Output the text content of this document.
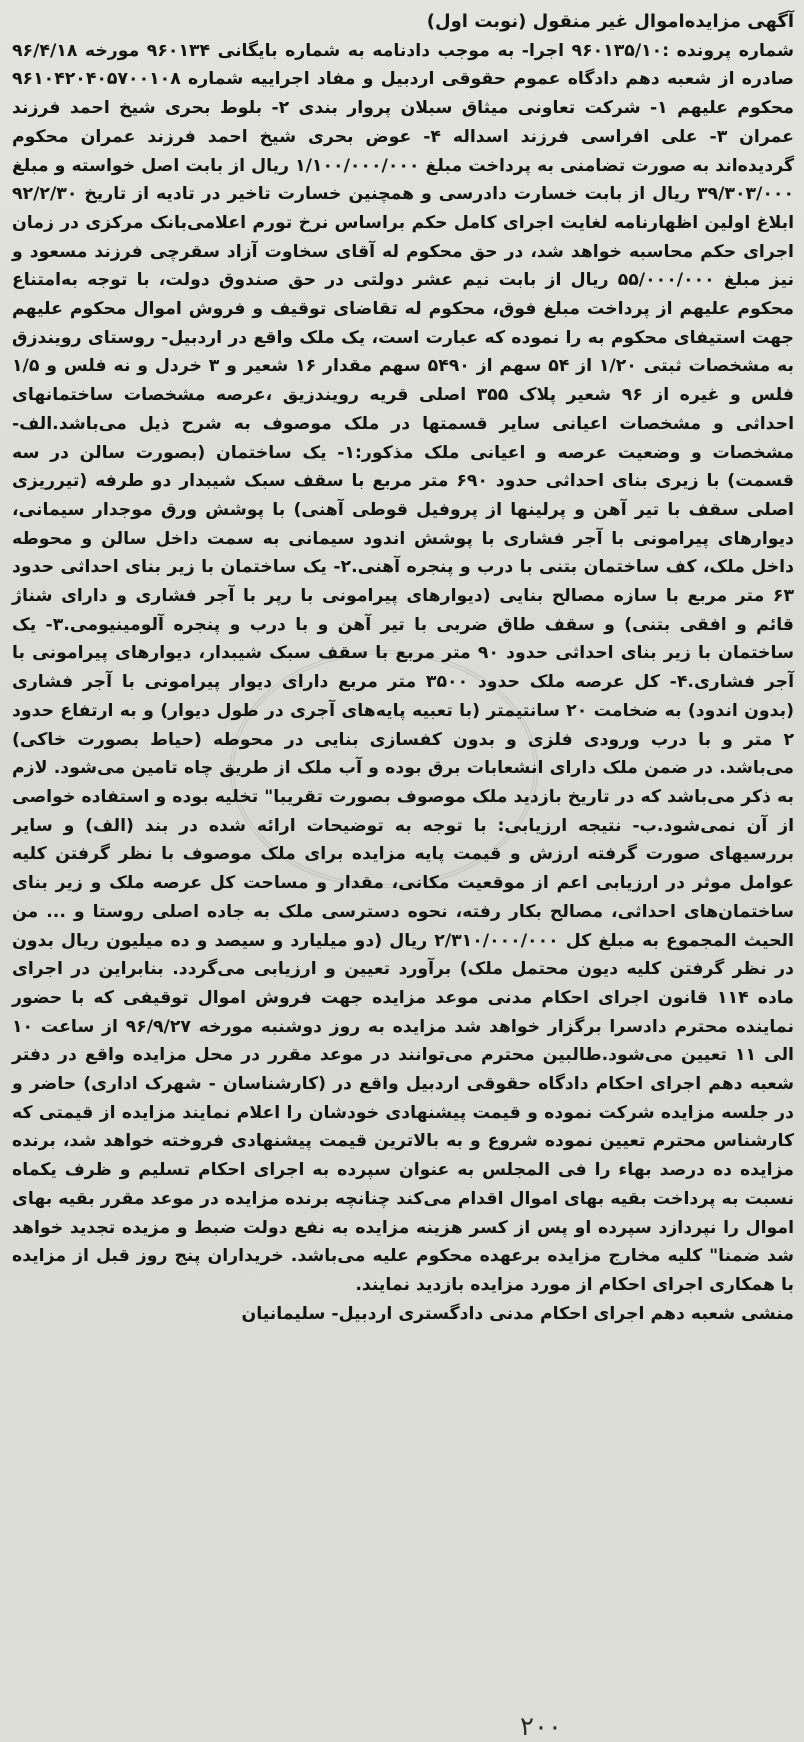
آگهی مزایده‌اموال غیر منقول (نوبت اول)

شماره پرونده :۹۶۰۱۳۵/۱۰ اجرا- به موجب دادنامه به شماره بایگانی ۹۶۰۱۳۴ مورخه ۹۶/۴/۱۸ صادره از شعبه دهم دادگاه عموم حقوقی اردبیل و مفاد اجراییه شماره ۹۶۱۰۴۲۰۴۰۵۷۰۰۱۰۸ محکوم علیهم ۱- شرکت تعاونی میثاق سبلان پروار بندی ۲- بلوط بحری شیخ احمد فرزند عمران ۳- علی افراسی فرزند اسداله ۴- عوض بحری شیخ احمد فرزند عمران محکوم گردیده‌اند به صورت تضامنی به پرداخت مبلغ ۱/۱۰۰/۰۰۰/۰۰۰ ریال از بابت اصل خواسته و مبلغ ۳۹/۳۰۳/۰۰۰ ریال از بابت خسارت دادرسی و همچنین خسارت تاخیر در تادیه از تاریخ ۹۲/۲/۳۰ ابلاغ اولین اظهارنامه لغایت اجرای کامل حکم براساس نرخ تورم اعلامی‌بانک مرکزی در زمان اجرای حکم محاسبه خواهد شد، در حق محکوم له آقای سخاوت آزاد سقرچی فرزند مسعود و نیز مبلغ ۵۵/۰۰۰/۰۰۰ ریال از بابت نیم عشر دولتی در حق صندوق دولت، با توجه به‌امتناع محکوم علیهم از پرداخت مبلغ فوق، محکوم له تقاضای توقیف و فروش اموال محکوم علیهم جهت استیفای محکوم به را نموده که عبارت است، یک ملک واقع در اردبیل- روستای رویندزق به مشخصات ثبتی ۱/۲۰ از ۵۴ سهم از ۵۴۹۰ سهم مقدار ۱۶ شعیر و ۳ خردل و نه فلس و ۱/۵ فلس و غیره از ۹۶ شعیر پلاک ۳۵۵ اصلی قریه رویندزیق ،عرصه مشخصات ساختمانهای احداثی و مشخصات اعیانی سایر قسمتها در ملک موصوف به شرح ذیل می‌باشد.الف- مشخصات و وضعیت عرصه و اعیانی ملک مذکور:۱- یک ساختمان (بصورت سالن در سه قسمت) با زیری بنای احداثی حدود ۶۹۰ متر مربع با سقف سبک شیبدار دو طرفه (تیرریزی اصلی سقف با تیر آهن و پرلینها از پروفیل قوطی آهنی) با پوشش ورق موجدار سیمانی، دیوارهای پیرامونی با آجر فشاری با پوشش اندود سیمانی به سمت داخل سالن و محوطه داخل ملک، کف ساختمان بتنی با درب و پنجره آهنی.۲- یک ساختمان با زیر بنای احداثی حدود ۶۳ متر مربع با سازه مصالح بنایی (دیوارهای پیرامونی با رپر با آجر فشاری و دارای شناژ قائم و افقی بتنی) و سقف طاق ضربی با تیر آهن و با درب و پنجره آلومینیومی.۳- یک ساختمان با زیر بنای احداثی حدود ۹۰ متر مربع با سقف سبک شیبدار، دیوارهای پیرامونی با آجر فشاری.۴- کل عرصه ملک حدود ۳۵۰۰ متر مربع دارای دیوار پیرامونی با آجر فشاری (بدون اندود) به ضخامت ۲۰ سانتیمتر (با تعبیه پایه‌های آجری در طول دیوار) و به ارتفاع حدود ۲ متر و با درب ورودی فلزی و بدون کفسازی بنایی در محوطه (حیاط بصورت خاکی) می‌باشد. در ضمن ملک دارای انشعابات برق بوده و آب ملک از طریق چاه تامین می‌شود. لازم به ذکر می‌باشد که در تاریخ بازدید ملک موصوف بصورت تقریبا" تخلیه بوده و استفاده خواصی از آن نمی‌شود.ب- نتیجه ارزیابی: با توجه به توضیحات ارائه شده در بند (الف) و سایر بررسیهای صورت گرفته ارزش و قیمت پایه مزایده برای ملک موصوف با نظر گرفتن کلیه عوامل موثر در ارزیابی اعم از موقعیت مکانی، مقدار و مساحت کل عرصه ملک و زیر بنای ساختمان‌های احداثی، مصالح بکار رفته، نحوه دسترسی ملک به جاده اصلی روستا و ... من الحیث المجموع به مبلغ کل ۲/۳۱۰/۰۰۰/۰۰۰ ریال (دو میلیارد و سیصد و ده میلیون ریال بدون در نظر گرفتن کلیه دیون محتمل ملک) برآورد تعیین و ارزیابی می‌گردد. بنابراین در اجرای ماده ۱۱۴ قانون اجرای احکام مدنی موعد مزایده جهت فروش اموال توقیفی که با حضور نماینده محترم دادسرا برگزار خواهد شد مزایده به روز دوشنبه مورخه ۹۶/۹/۲۷ از ساعت ۱۰ الی ۱۱ تعیین می‌شود.طالبین محترم می‌توانند در موعد مقرر در محل مزایده واقع در دفتر شعبه دهم اجرای احکام دادگاه حقوقی اردبیل واقع در (کارشناسان - شهرک اداری) حاضر و در جلسه مزایده شرکت نموده و قیمت پیشنهادی خودشان را اعلام نمایند مزایده از قیمتی که کارشناس محترم تعیین نموده شروع و به بالاترین قیمت پیشنهادی فروخته خواهد شد، برنده مزایده ده درصد بهاء را فی المجلس به عنوان سپرده به اجرای احکام تسلیم و ظرف یکماه نسبت به پرداخت بقیه بهای اموال اقدام می‌کند چنانچه برنده مزایده در موعد مقرر بقیه بهای اموال را نپردازد سپرده او پس از کسر هزینه مزایده به نفع دولت ضبط و مزیده تجدید خواهد شد ضمنا" کلیه مخارج مزایده برعهده محکوم علیه می‌باشد. خریداران پنج روز قبل از مزایده با همکاری اجرای احکام از مورد مزایده بازدید نمایند.

منشی شعبه دهم اجرای احکام مدنی دادگستری اردبیل- سلیمانیان

۲۰۰
